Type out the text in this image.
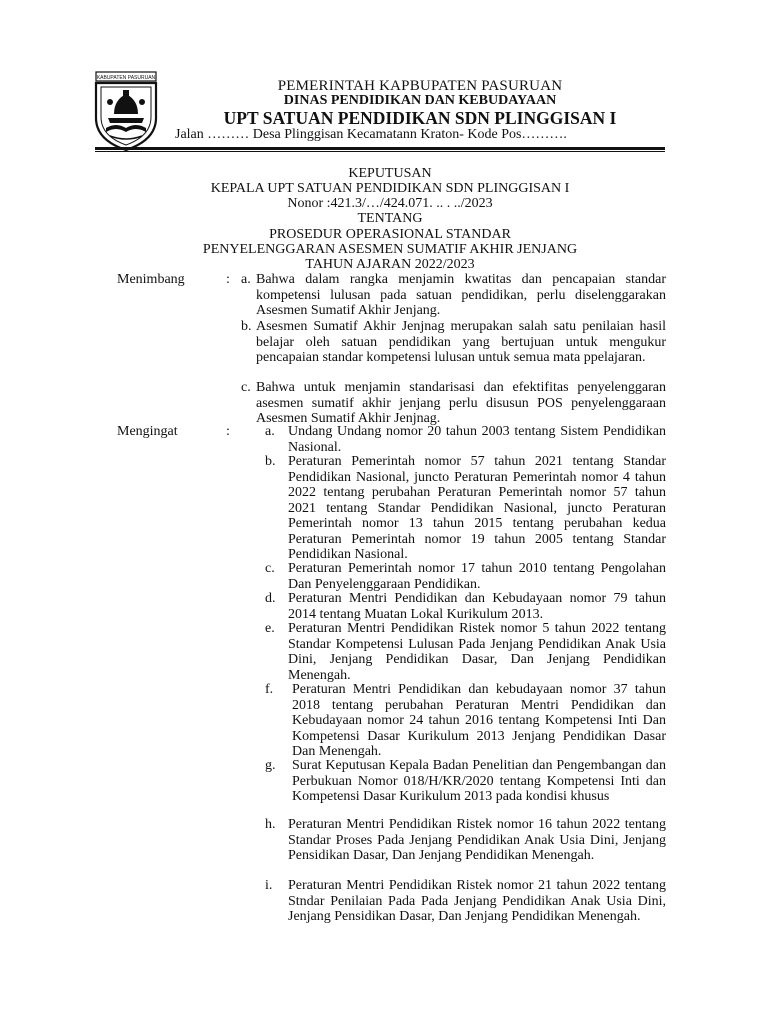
KABUPATEN PASURUAN	PEMERINTAH KAPBUPATEN PASURUAN
DINAS PENDIDIKAN DAN KEBUDAYAAN
UPT SATUAN PENDIDIKAN SDN PLINGGISAN I
Jalan ……… Desa Plinggisan Kecamatann Kraton- Kode Pos……….
KEPUTUSAN
KEPALA UPT SATUAN PENDIDIKAN SDN PLINGGISAN I
Nonor :421.3/…/424.071. .. . ../2023
TENTANG
PROSEDUR OPERASIONAL STANDAR
PENYELENGGARAN ASESMEN SUMATIF AKHIR JENJANG
TAHUN AJARAN 2022/2023
Menimbang	: a. Bahwa dalam rangka menjamin kwatitas dan pencapaian standar kompetensi lulusan pada satuan pendidikan, perlu diselenggarakan Asesmen Sumatif Akhir Jenjang.
b. Asesmen Sumatif Akhir Jenjnag merupakan salah satu penilaian hasil belajar oleh satuan pendidikan yang bertujuan untuk mengukur pencapaian standar kompetensi lulusan untuk semua mata ppelajaran.
c. Bahwa untuk menjamin standarisasi dan efektifitas penyelenggaran asesmen sumatif akhir jenjang perlu disusun POS penyelenggaraan Asesmen Sumatif Akhir Jenjnag.
Mengingat	:	a. Undang Undang nomor 20 tahun 2003 tentang Sistem Pendidikan Nasional.
b. Peraturan Pemerintah nomor 57 tahun 2021 tentang Standar Pendidikan Nasional, juncto Peraturan Pemerintah nomor 4 tahun 2022 tentang perubahan Peraturan Pemerintah nomor 57 tahun 2021 tentang Standar Pendidikan Nasional, juncto Peraturan Pemerintah nomor 13 tahun 2015 tentang perubahan kedua Peraturan Pemerintah nomor 19 tahun 2005 tentang Standar Pendidikan Nasional.
c. Peraturan Pemerintah nomor 17 tahun 2010 tentang Pengolahan Dan Penyelenggaraan Pendidikan.
d. Peraturan Mentri Pendidikan dan Kebudayaan nomor 79 tahun 2014 tentang Muatan Lokal Kurikulum 2013.
e. Peraturan Mentri Pendidikan Ristek nomor 5 tahun 2022 tentang Standar Kompetensi Lulusan Pada Jenjang Pendidikan Anak Usia Dini, Jenjang Pendidikan Dasar, Dan Jenjang Pendidikan Menengah.
f. Peraturan Mentri Pendidikan dan kebudayaan nomor 37 tahun 2018 tentang perubahan Peraturan Mentri Pendidikan dan Kebudayaan nomor 24 tahun 2016 tentang Kompetensi Inti Dan Kompetensi Dasar Kurikulum 2013 Jenjang Pendidikan Dasar Dan Menengah.
g. Surat Keputusan Kepala Badan Penelitian dan Pengembangan dan Perbukuan Nomor 018/H/KR/2020 tentang Kompetensi Inti dan Kompetensi Dasar Kurikulum 2013 pada kondisi khusus
h. Peraturan Mentri Pendidikan Ristek nomor 16 tahun 2022 tentang Standar Proses Pada Jenjang Pendidikan Anak Usia Dini, Jenjang Pensidikan Dasar, Dan Jenjang Pendidikan Menengah.
i. Peraturan Mentri Pendidikan Ristek nomor 21 tahun 2022 tentang Stndar Penilaian Pada Pada Jenjang Pendidikan Anak Usia Dini, Jenjang Pensidikan Dasar, Dan Jenjang Pendidikan Menengah.
